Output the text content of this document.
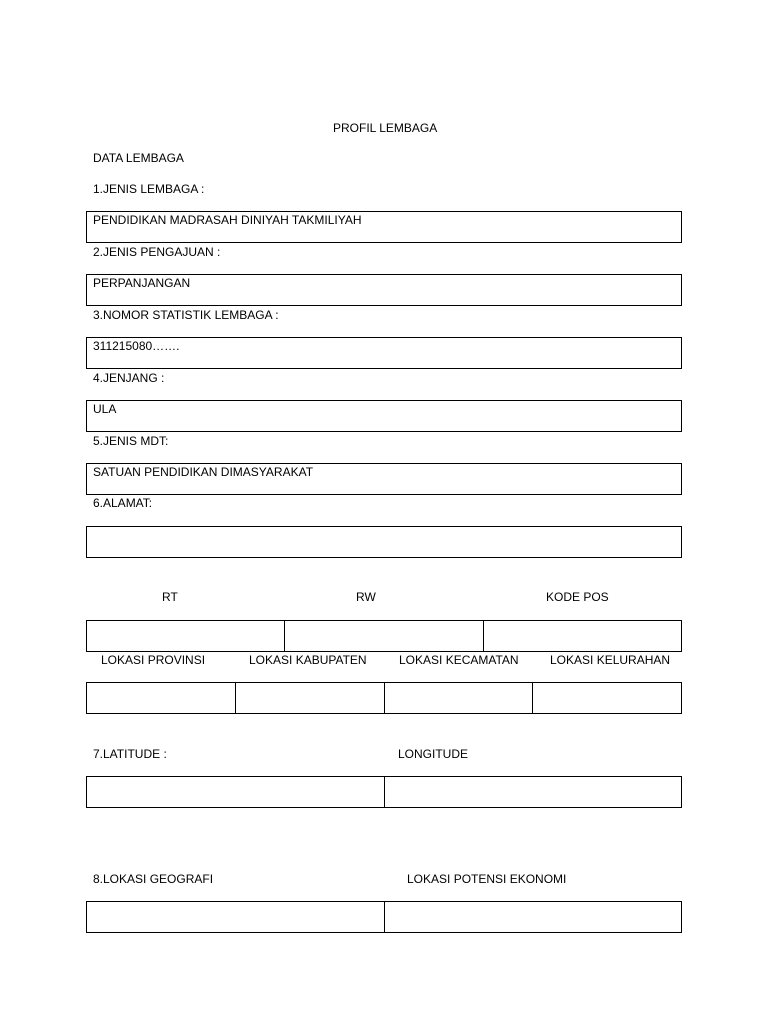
PROFIL LEMBAGA
DATA LEMBAGA
1.JENIS LEMBAGA :
PENDIDIKAN MADRASAH DINIYAH TAKMILIYAH
2.JENIS PENGAJUAN :
PERPANJANGAN
3.NOMOR STATISTIK LEMBAGA :
311215080…….
4.JENJANG :
ULA
5.JENIS MDT:
SATUAN PENDIDIKAN DIMASYARAKAT
6.ALAMAT:
RT	RW	KODE POS
LOKASI PROVINSI	LOKASI KABUPATEN	LOKASI KECAMATAN	LOKASI KELURAHAN
7.LATITUDE :	LONGITUDE
8.LOKASI GEOGRAFI	LOKASI POTENSI EKONOMI
